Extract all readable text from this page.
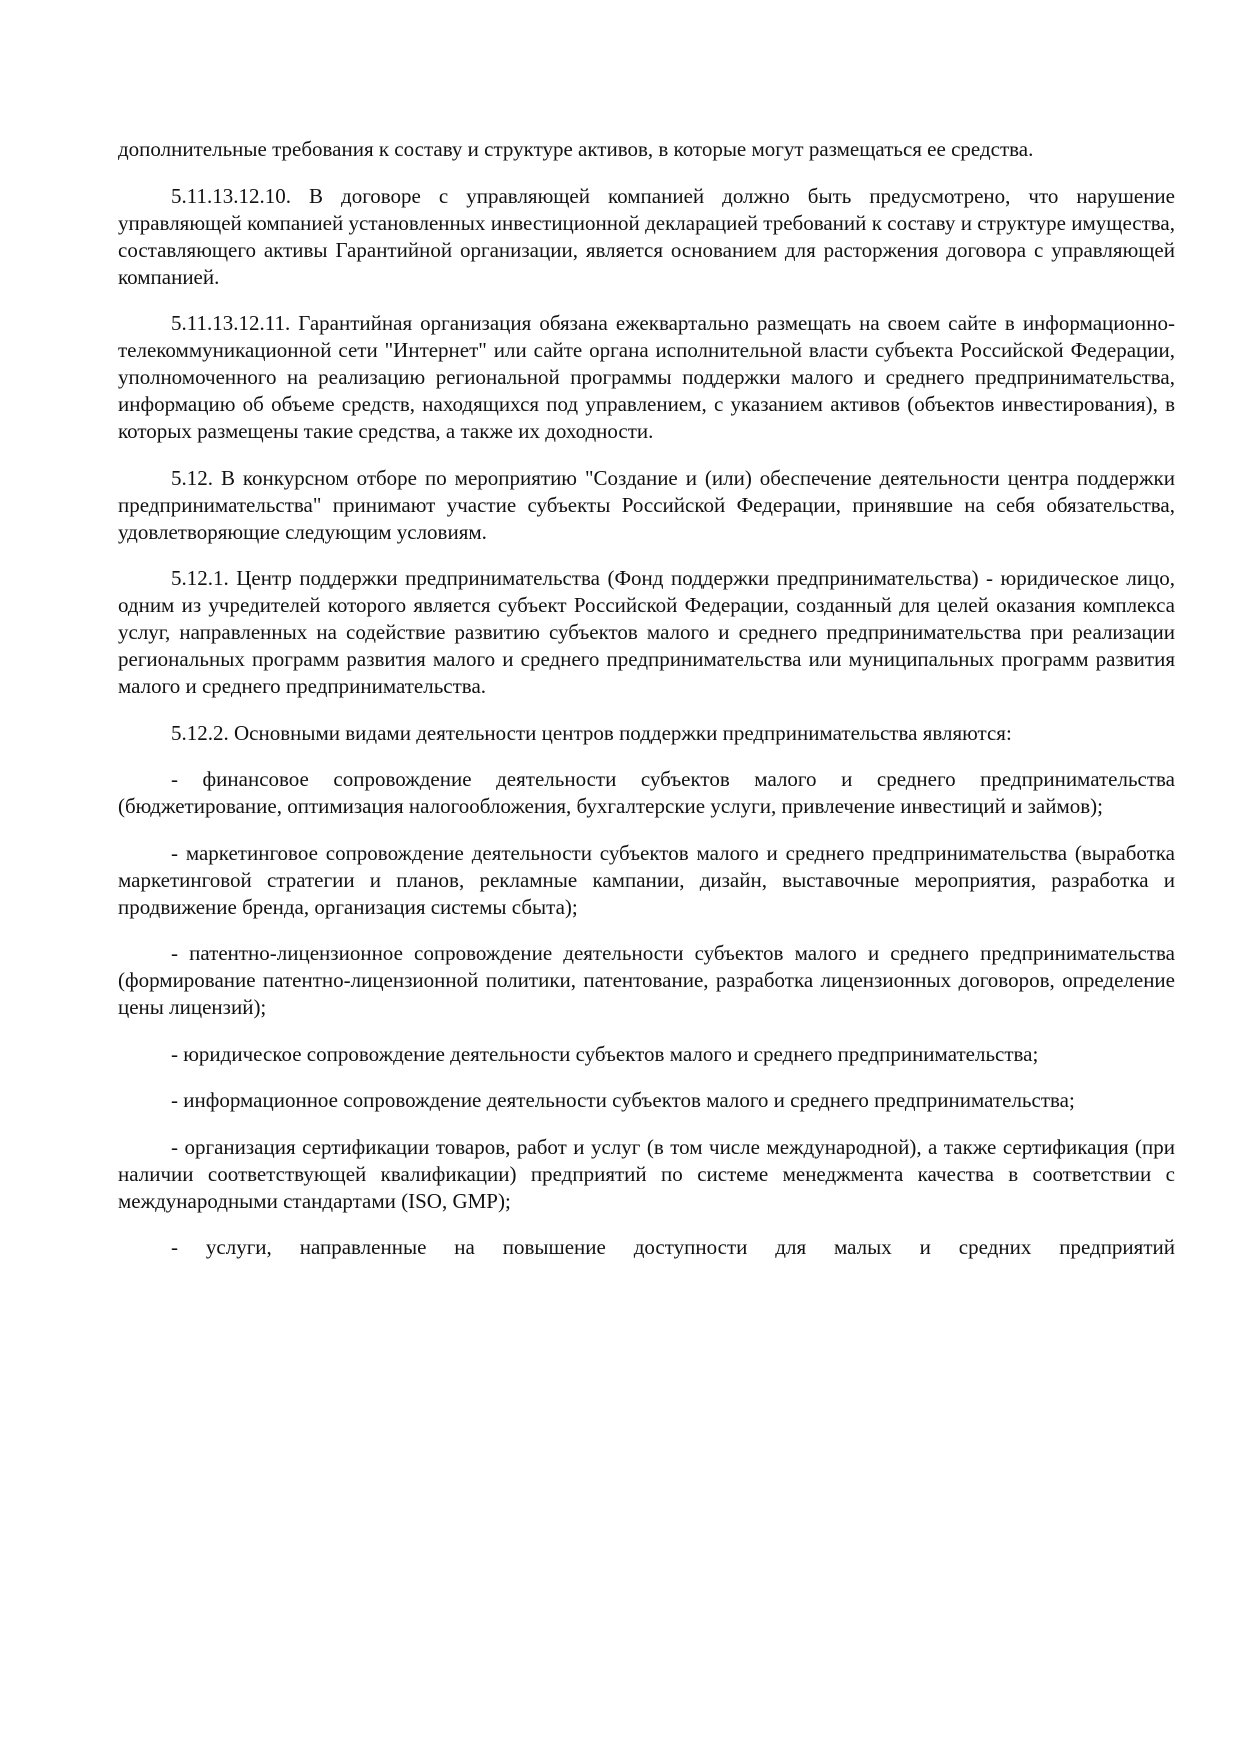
дополнительные требования к составу и структуре активов, в которые могут размещаться ее средства.

5.11.13.12.10. В договоре с управляющей компанией должно быть предусмотрено, что нарушение управляющей компанией установленных инвестиционной декларацией требований к составу и структуре имущества, составляющего активы Гарантийной организации, является основанием для расторжения договора с управляющей компанией.

5.11.13.12.11. Гарантийная организация обязана ежеквартально размещать на своем сайте в информационно-телекоммуникационной сети "Интернет" или сайте органа исполнительной власти субъекта Российской Федерации, уполномоченного на реализацию региональной программы поддержки малого и среднего предпринимательства, информацию об объеме средств, находящихся под управлением, с указанием активов (объектов инвестирования), в которых размещены такие средства, а также их доходности.

5.12. В конкурсном отборе по мероприятию "Создание и (или) обеспечение деятельности центра поддержки предпринимательства" принимают участие субъекты Российской Федерации, принявшие на себя обязательства, удовлетворяющие следующим условиям.

5.12.1. Центр поддержки предпринимательства (Фонд поддержки предпринимательства) - юридическое лицо, одним из учредителей которого является субъект Российской Федерации, созданный для целей оказания комплекса услуг, направленных на содействие развитию субъектов малого и среднего предпринимательства при реализации региональных программ развития малого и среднего предпринимательства или муниципальных программ развития малого и среднего предпринимательства.

5.12.2. Основными видами деятельности центров поддержки предпринимательства являются:

- финансовое сопровождение деятельности субъектов малого и среднего предпринимательства (бюджетирование, оптимизация налогообложения, бухгалтерские услуги, привлечение инвестиций и займов);

- маркетинговое сопровождение деятельности субъектов малого и среднего предпринимательства (выработка маркетинговой стратегии и планов, рекламные кампании, дизайн, выставочные мероприятия, разработка и продвижение бренда, организация системы сбыта);

- патентно-лицензионное сопровождение деятельности субъектов малого и среднего предпринимательства (формирование патентно-лицензионной политики, патентование, разработка лицензионных договоров, определение цены лицензий);

- юридическое сопровождение деятельности субъектов малого и среднего предпринимательства;

- информационное сопровождение деятельности субъектов малого и среднего предпринимательства;

- организация сертификации товаров, работ и услуг (в том числе международной), а также сертификация (при наличии соответствующей квалификации) предприятий по системе менеджмента качества в соответствии с международными стандартами (ISO, GMP);

- услуги, направленные на повышение доступности для малых и средних предприятий
